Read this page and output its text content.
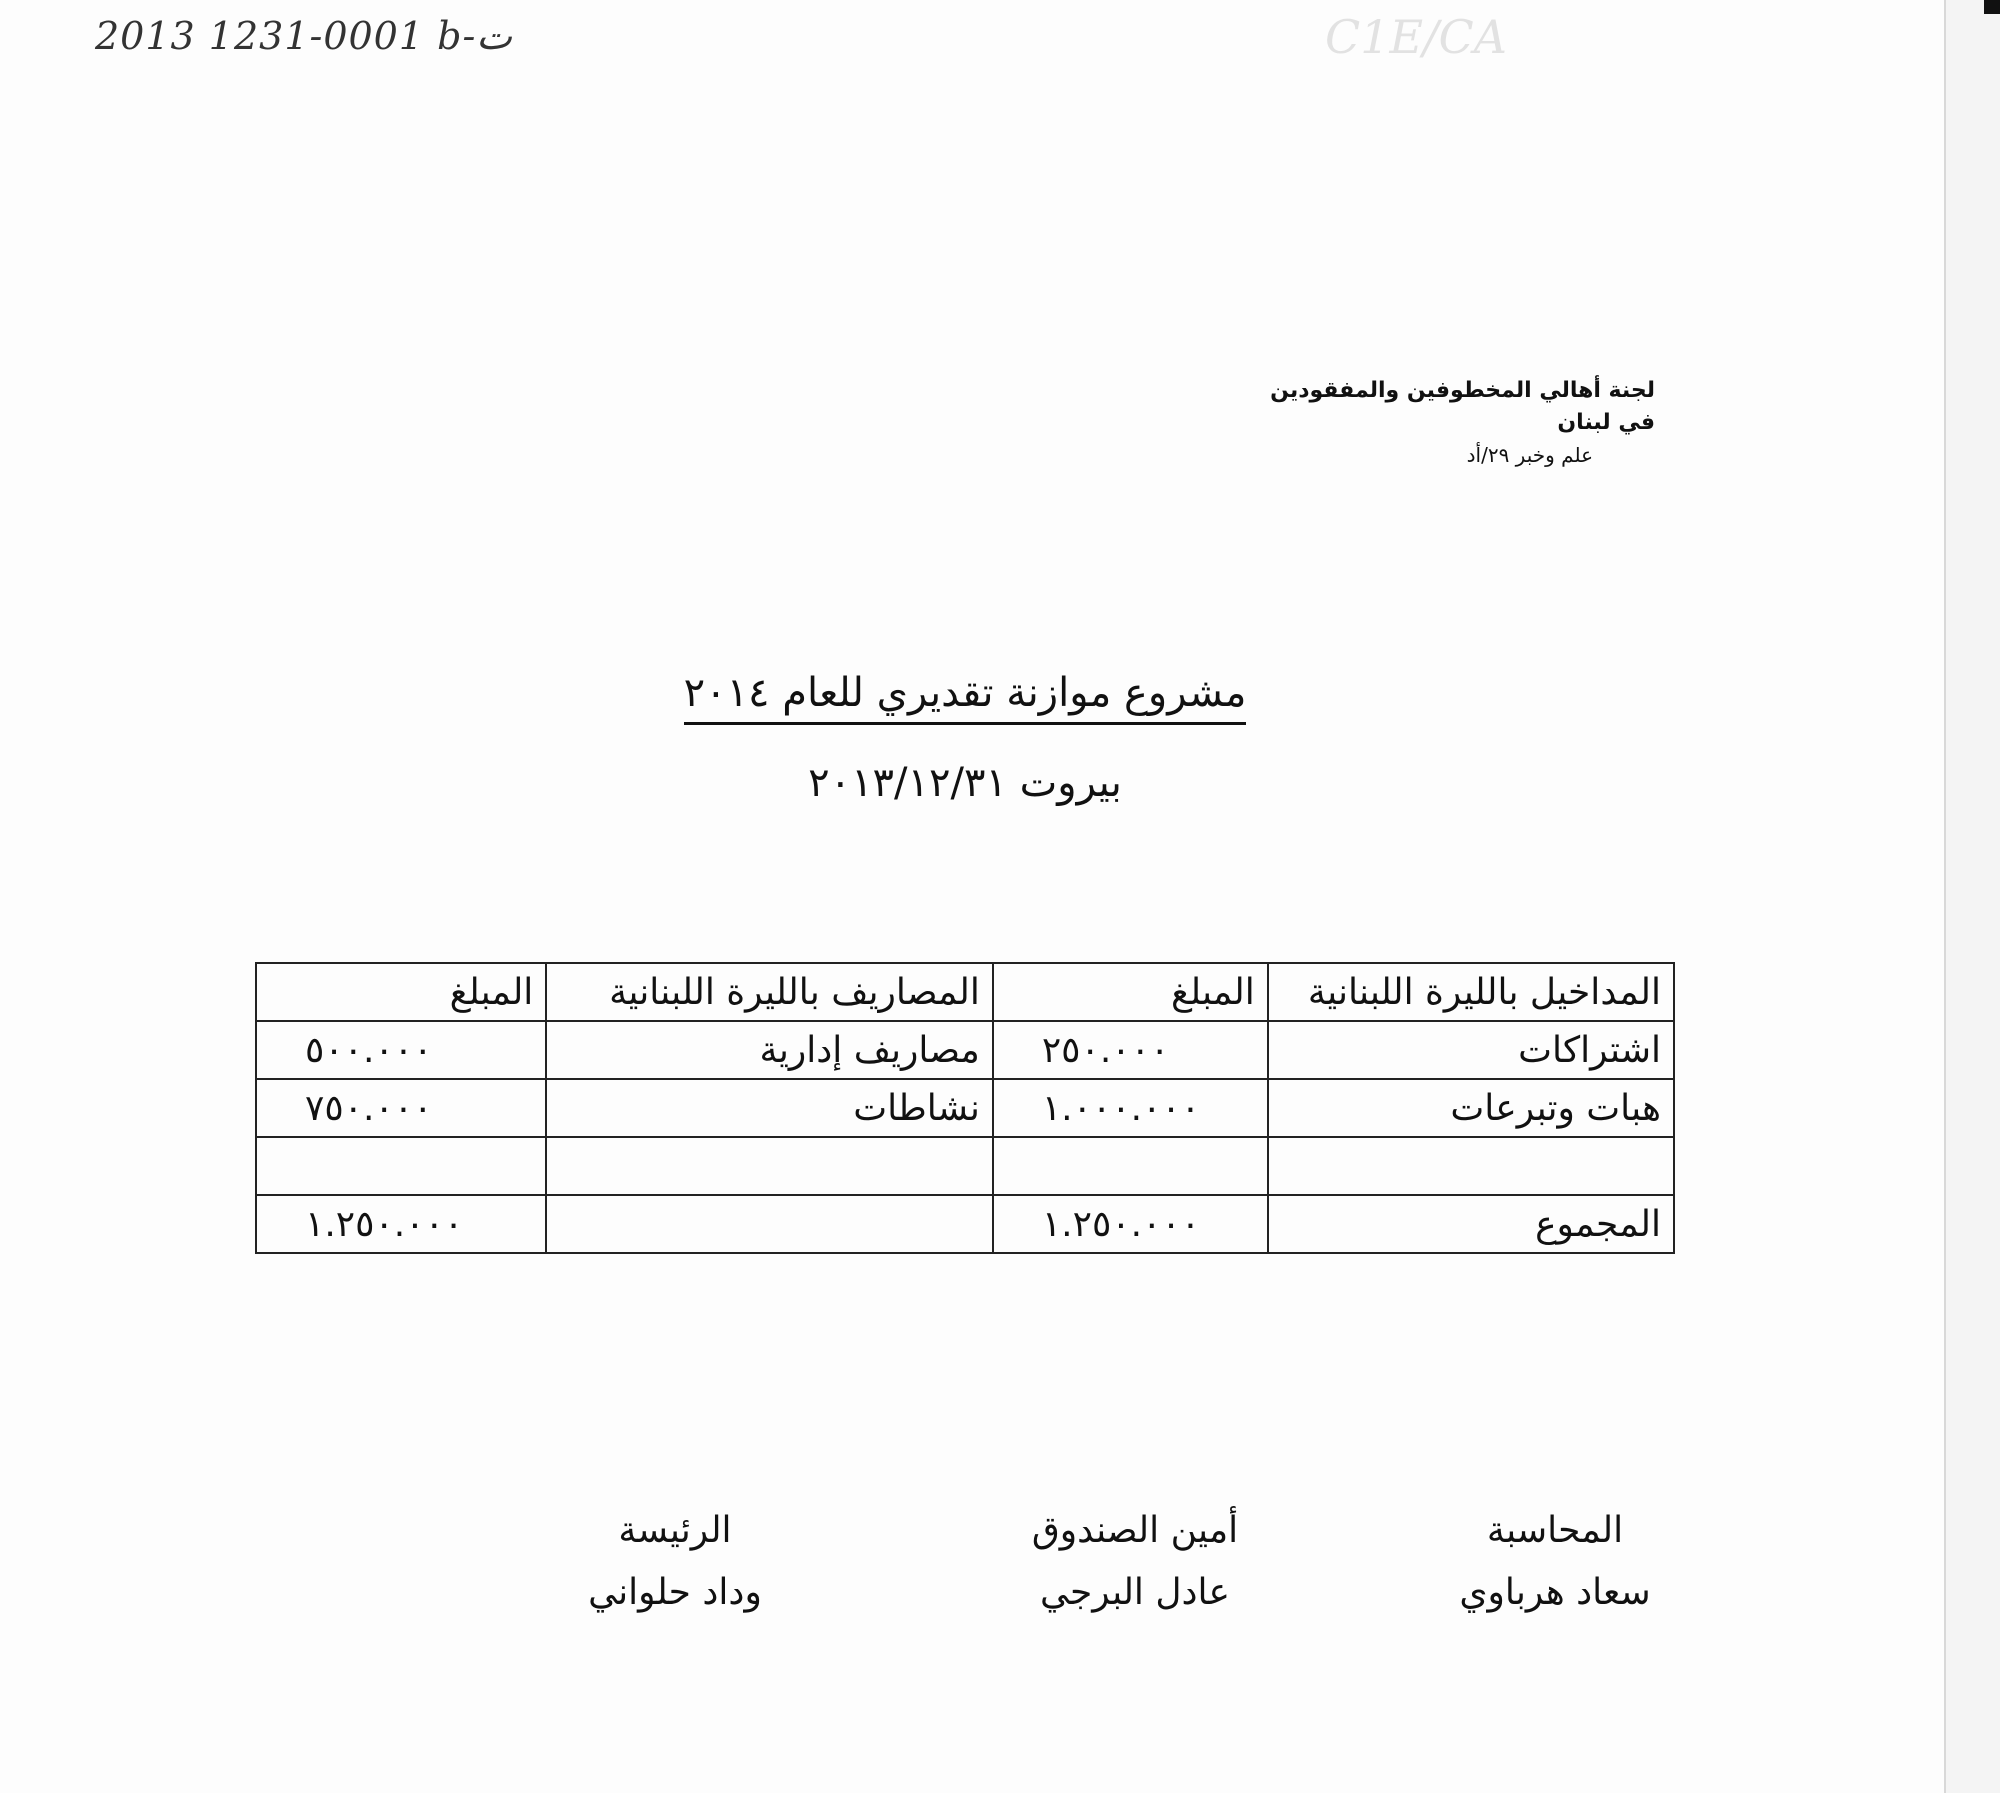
2013 1231-0001 b-ت	C1E/CA
لجنة أهالي المخطوفين والمفقودين
في لبنان
علم وخبر ٢٩/أد
مشروع موازنة تقديري للعام ٢٠١٤
بيروت ٢٠١٣/١٢/٣١
المداخيل بالليرة اللبنانية	المبلغ	المصاريف بالليرة اللبنانية	المبلغ
اشتراكات	٢٥٠.٠٠٠	مصاريف إدارية	٥٠٠.٠٠٠
هبات وتبرعات	١.٠٠٠.٠٠٠	نشاطات	٧٥٠.٠٠٠

المجموع	١.٢٥٠.٠٠٠		١.٢٥٠.٠٠٠
المحاسبة
سعاد هرباوي
أمين الصندوق
عادل البرجي
الرئيسة
وداد حلواني
